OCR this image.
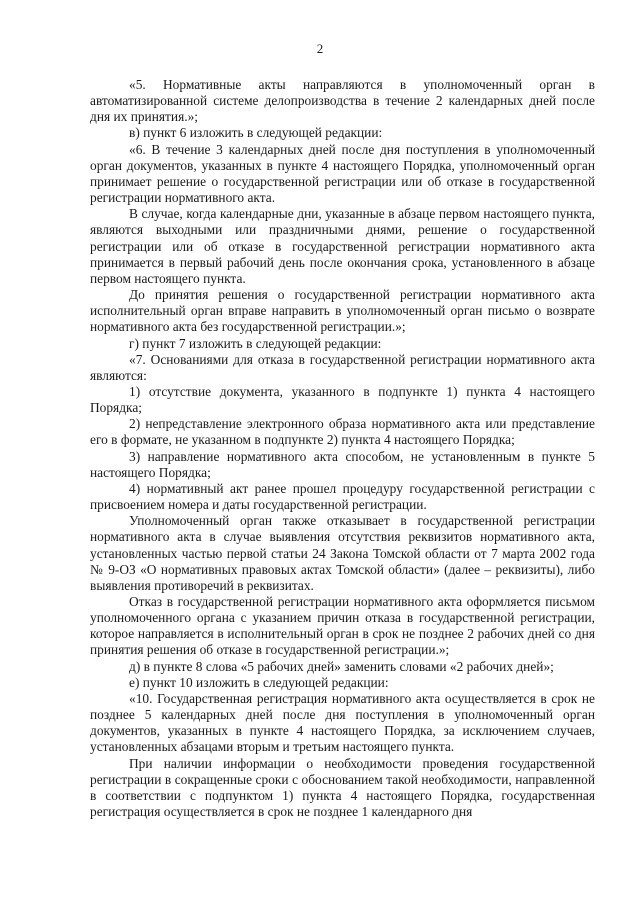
2

«5. Нормативные акты направляются в уполномоченный орган в автоматизированной системе делопроизводства в течение 2 календарных дней после дня их принятия.»;

в) пункт 6 изложить в следующей редакции:

«6. В течение 3 календарных дней после дня поступления в уполномоченный орган документов, указанных в пункте 4 настоящего Порядка, уполномоченный орган принимает решение о государственной регистрации или об отказе в государственной регистрации нормативного акта.

В случае, когда календарные дни, указанные в абзаце первом настоящего пункта, являются выходными или праздничными днями, решение о государственной регистрации или об отказе в государственной регистрации нормативного акта принимается в первый рабочий день после окончания срока, установленного в абзаце первом настоящего пункта.

До принятия решения о государственной регистрации нормативного акта исполнительный орган вправе направить в уполномоченный орган письмо о возврате нормативного акта без государственной регистрации.»;

г) пункт 7 изложить в следующей редакции:

«7. Основаниями для отказа в государственной регистрации нормативного акта являются:

1) отсутствие документа, указанного в подпункте 1) пункта 4 настоящего Порядка;

2) непредставление электронного образа нормативного акта или представление его в формате, не указанном в подпункте 2) пункта 4 настоящего Порядка;

3) направление нормативного акта способом, не установленным в пункте 5 настоящего Порядка;

4) нормативный акт ранее прошел процедуру государственной регистрации с присвоением номера и даты государственной регистрации.

Уполномоченный орган также отказывает в государственной регистрации нормативного акта в случае выявления отсутствия реквизитов нормативного акта, установленных частью первой статьи 24 Закона Томской области от 7 марта 2002 года № 9-ОЗ «О нормативных правовых актах Томской области» (далее – реквизиты), либо выявления противоречий в реквизитах.

Отказ в государственной регистрации нормативного акта оформляется письмом уполномоченного органа с указанием причин отказа в государственной регистрации, которое направляется в исполнительный орган в срок не позднее 2 рабочих дней со дня принятия решения об отказе в государственной регистрации.»;

д) в пункте 8 слова «5 рабочих дней» заменить словами «2 рабочих дней»;

е) пункт 10 изложить в следующей редакции:

«10. Государственная регистрация нормативного акта осуществляется в срок не позднее 5 календарных дней после дня поступления в уполномоченный орган документов, указанных в пункте 4 настоящего Порядка, за исключением случаев, установленных абзацами вторым и третьим настоящего пункта.

При наличии информации о необходимости проведения государственной регистрации в сокращенные сроки с обоснованием такой необходимости, направленной в соответствии с подпунктом 1) пункта 4 настоящего Порядка, государственная регистрация осуществляется в срок не позднее 1 календарного дня
